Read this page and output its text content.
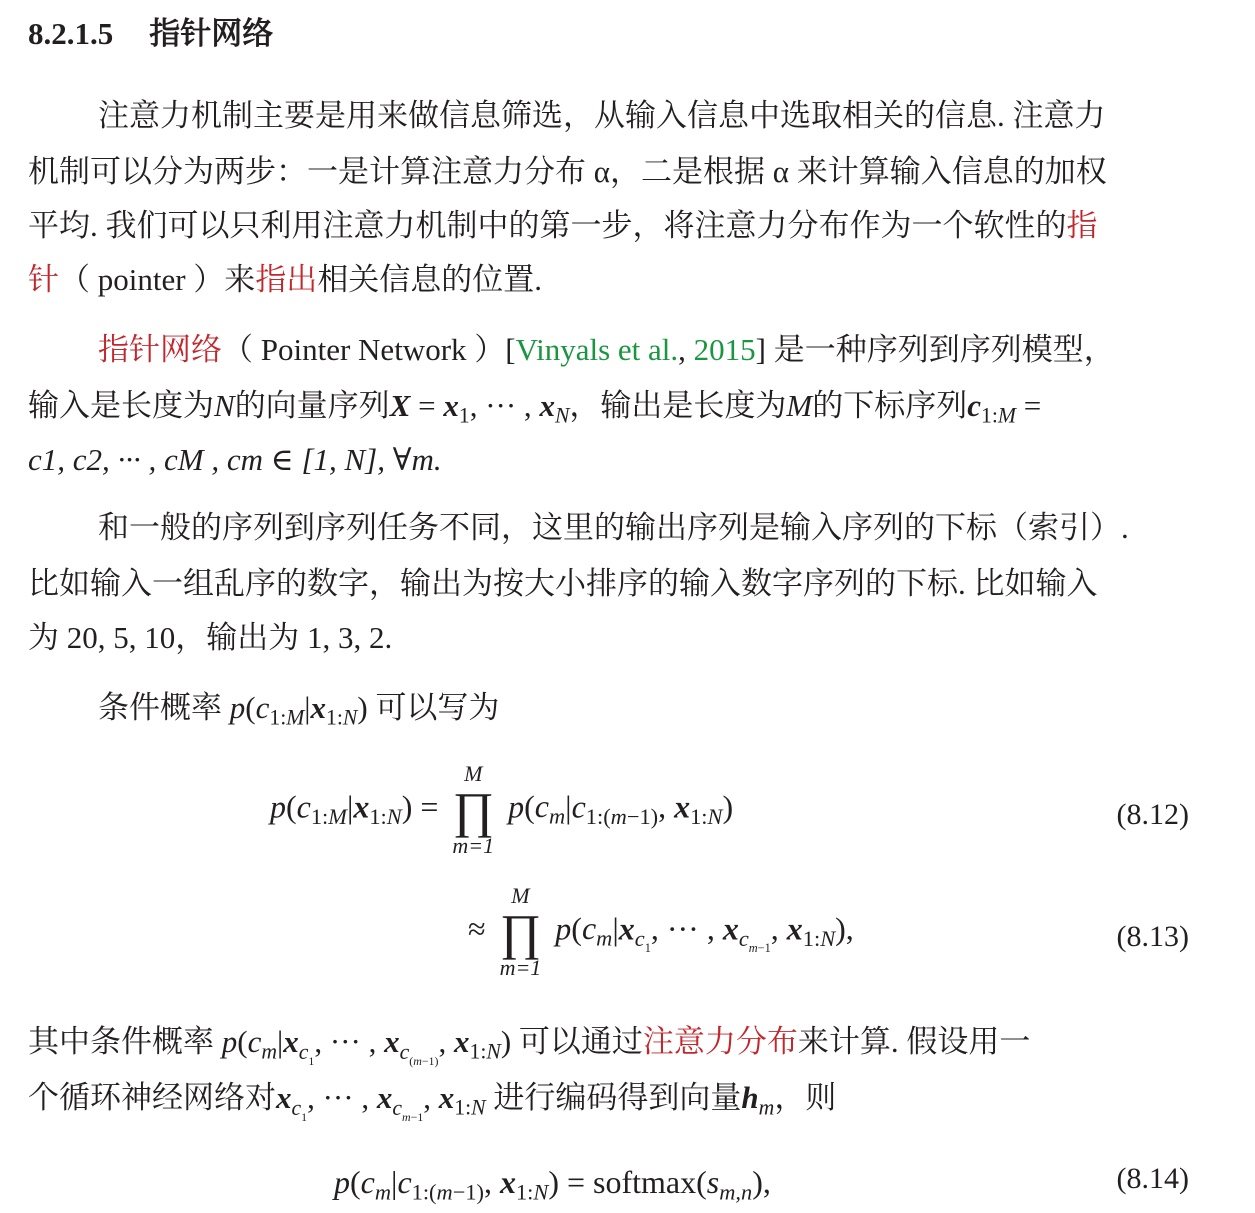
8.2.1.5 指针网络
注意力机制主要是用来做信息筛选，从输入信息中选取相关的信息. 注意力
机制可以分为两步：一是计算注意力分布 α，二是根据 α 来计算输入信息的加权
平均. 我们可以只利用注意力机制中的第一步，将注意力分布作为一个软性的指
针（ pointer ）来指出相关信息的位置.
指针网络（ Pointer Network ）[Vinyals et al., 2015] 是一种序列到序列模型，
输入是长度为N的向量序列$X = x_1$, ··· , $x_N$，输出是长度为M的下标序列$c_{1:M}$ =
c1, c2, ··· , cM , cm ∈ [1, N], ∀m.
和一般的序列到序列任务不同，这里的输出序列是输入序列的下标（索引）.
比如输入一组乱序的数字，输出为按大小排序的输入数字序列的下标. 比如输入
为 20, 5, 10，输出为 1, 3, 2.
条件概率 $p(c_{1:M}|x_{1:N})$ 可以写为
$p(c_{1:M}|x_{1:N})$ =
M
∏
m=1
$p(c_m|c_{1:(m-1)}$, $x_{1:N}$)	(8.12)
≈
M
∏
m=1
$p(c_m|x_{c_1}$, ··· , $x_{c_{m-1}}$, $x_{1:N}$),	(8.13)
其中条件概率 $p(c_m|x_{c_1}$, ··· , $x_{c_{(m-1)}}$, $x_{1:N}$) 可以通过注意力分布来计算. 假设用一
个循环神经网络对$x_{c_1}$, ··· , $x_{c_{m-1}}$, $x_{1:N}$ 进行编码得到向量$h_m$，则
$p(c_m|c_{1:(m-1)}$, $x_{1:N}$) = $softmax(s_{m,n})$,	(8.14)
